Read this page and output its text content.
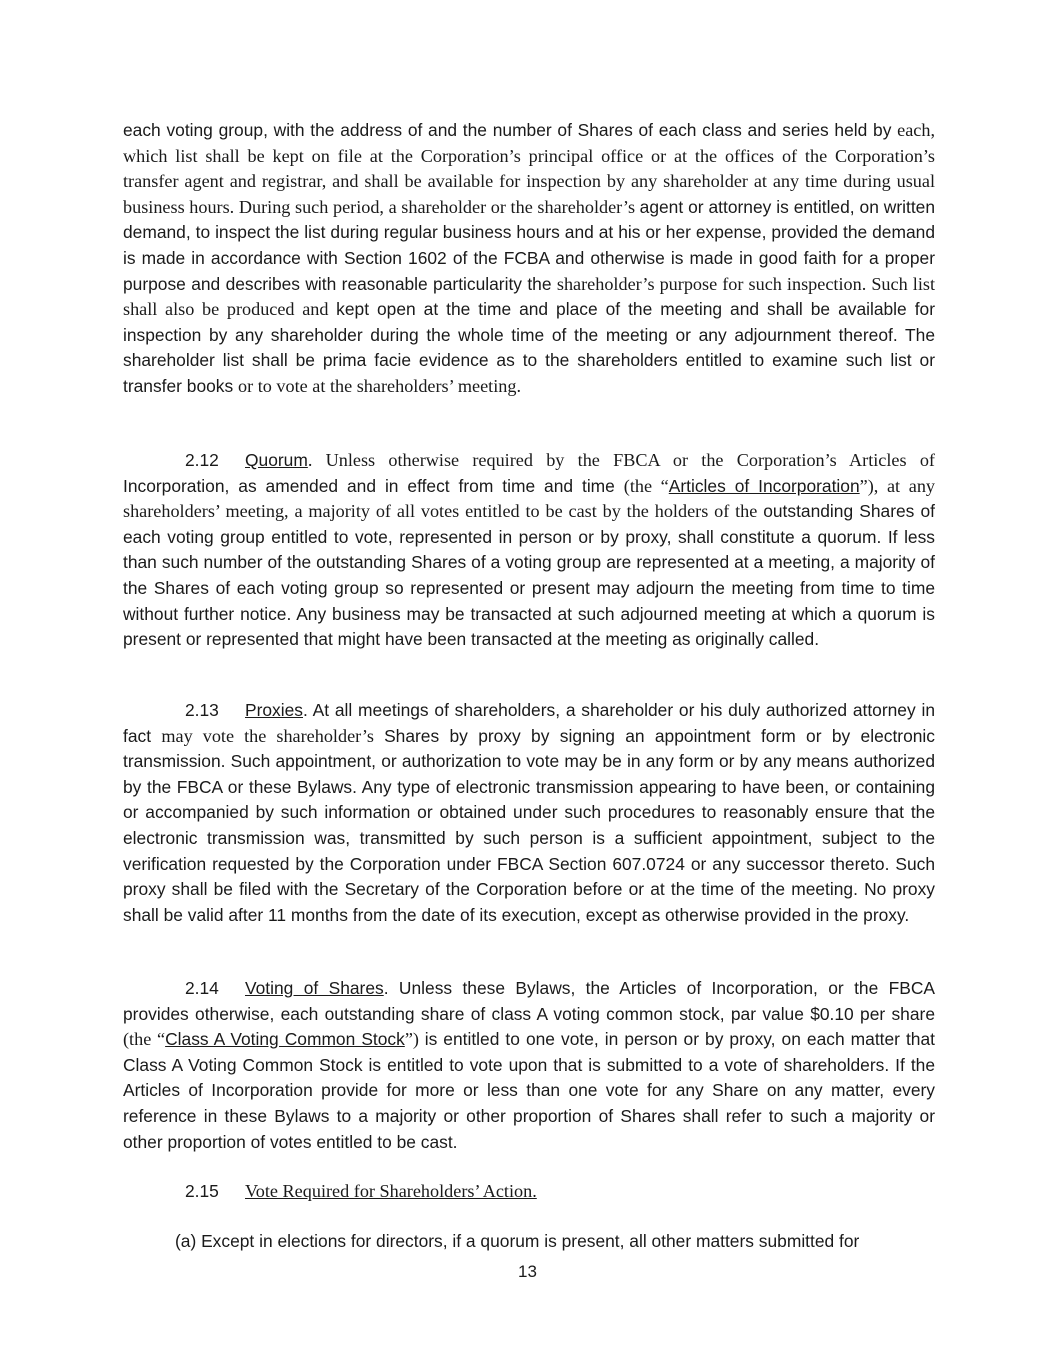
each voting group, with the address of and the number of Shares of each class and series held by each, which list shall be kept on file at the Corporation’s principal office or at the offices of the Corporation’s transfer agent and registrar, and shall be available for inspection by any shareholder at any time during usual business hours. During such period, a shareholder or the shareholder’s agent or attorney is entitled, on written demand, to inspect the list during regular business hours and at his or her expense, provided the demand is made in accordance with Section 1602 of the FCBA and otherwise is made in good faith for a proper purpose and describes with reasonable particularity the shareholder’s purpose for such inspection. Such list shall also be produced and kept open at the time and place of the meeting and shall be available for inspection by any shareholder during the whole time of the meeting or any adjournment thereof. The shareholder list shall be prima facie evidence as to the shareholders entitled to examine such list or transfer books or to vote at the shareholders’ meeting.

2.12 Quorum. Unless otherwise required by the FBCA or the Corporation’s Articles of Incorporation, as amended and in effect from time and time (the “Articles of Incorporation”), at any shareholders’ meeting, a majority of all votes entitled to be cast by the holders of the outstanding Shares of each voting group entitled to vote, represented in person or by proxy, shall constitute a quorum. If less than such number of the outstanding Shares of a voting group are represented at a meeting, a majority of the Shares of each voting group so represented or present may adjourn the meeting from time to time without further notice. Any business may be transacted at such adjourned meeting at which a quorum is present or represented that might have been transacted at the meeting as originally called.

2.13 Proxies. At all meetings of shareholders, a shareholder or his duly authorized attorney in fact may vote the shareholder’s Shares by proxy by signing an appointment form or by electronic transmission. Such appointment, or authorization to vote may be in any form or by any means authorized by the FBCA or these Bylaws. Any type of electronic transmission appearing to have been, or containing or accompanied by such information or obtained under such procedures to reasonably ensure that the electronic transmission was, transmitted by such person is a sufficient appointment, subject to the verification requested by the Corporation under FBCA Section 607.0724 or any successor thereto. Such proxy shall be filed with the Secretary of the Corporation before or at the time of the meeting. No proxy shall be valid after 11 months from the date of its execution, except as otherwise provided in the proxy.

2.14 Voting of Shares. Unless these Bylaws, the Articles of Incorporation, or the FBCA provides otherwise, each outstanding share of class A voting common stock, par value $0.10 per share (the “Class A Voting Common Stock”) is entitled to one vote, in person or by proxy, on each matter that Class A Voting Common Stock is entitled to vote upon that is submitted to a vote of shareholders. If the Articles of Incorporation provide for more or less than one vote for any Share on any matter, every reference in these Bylaws to a majority or other proportion of Shares shall refer to such a majority or other proportion of votes entitled to be cast.

2.15 Vote Required for Shareholders’ Action.

(a) Except in elections for directors, if a quorum is present, all other matters submitted for

13
